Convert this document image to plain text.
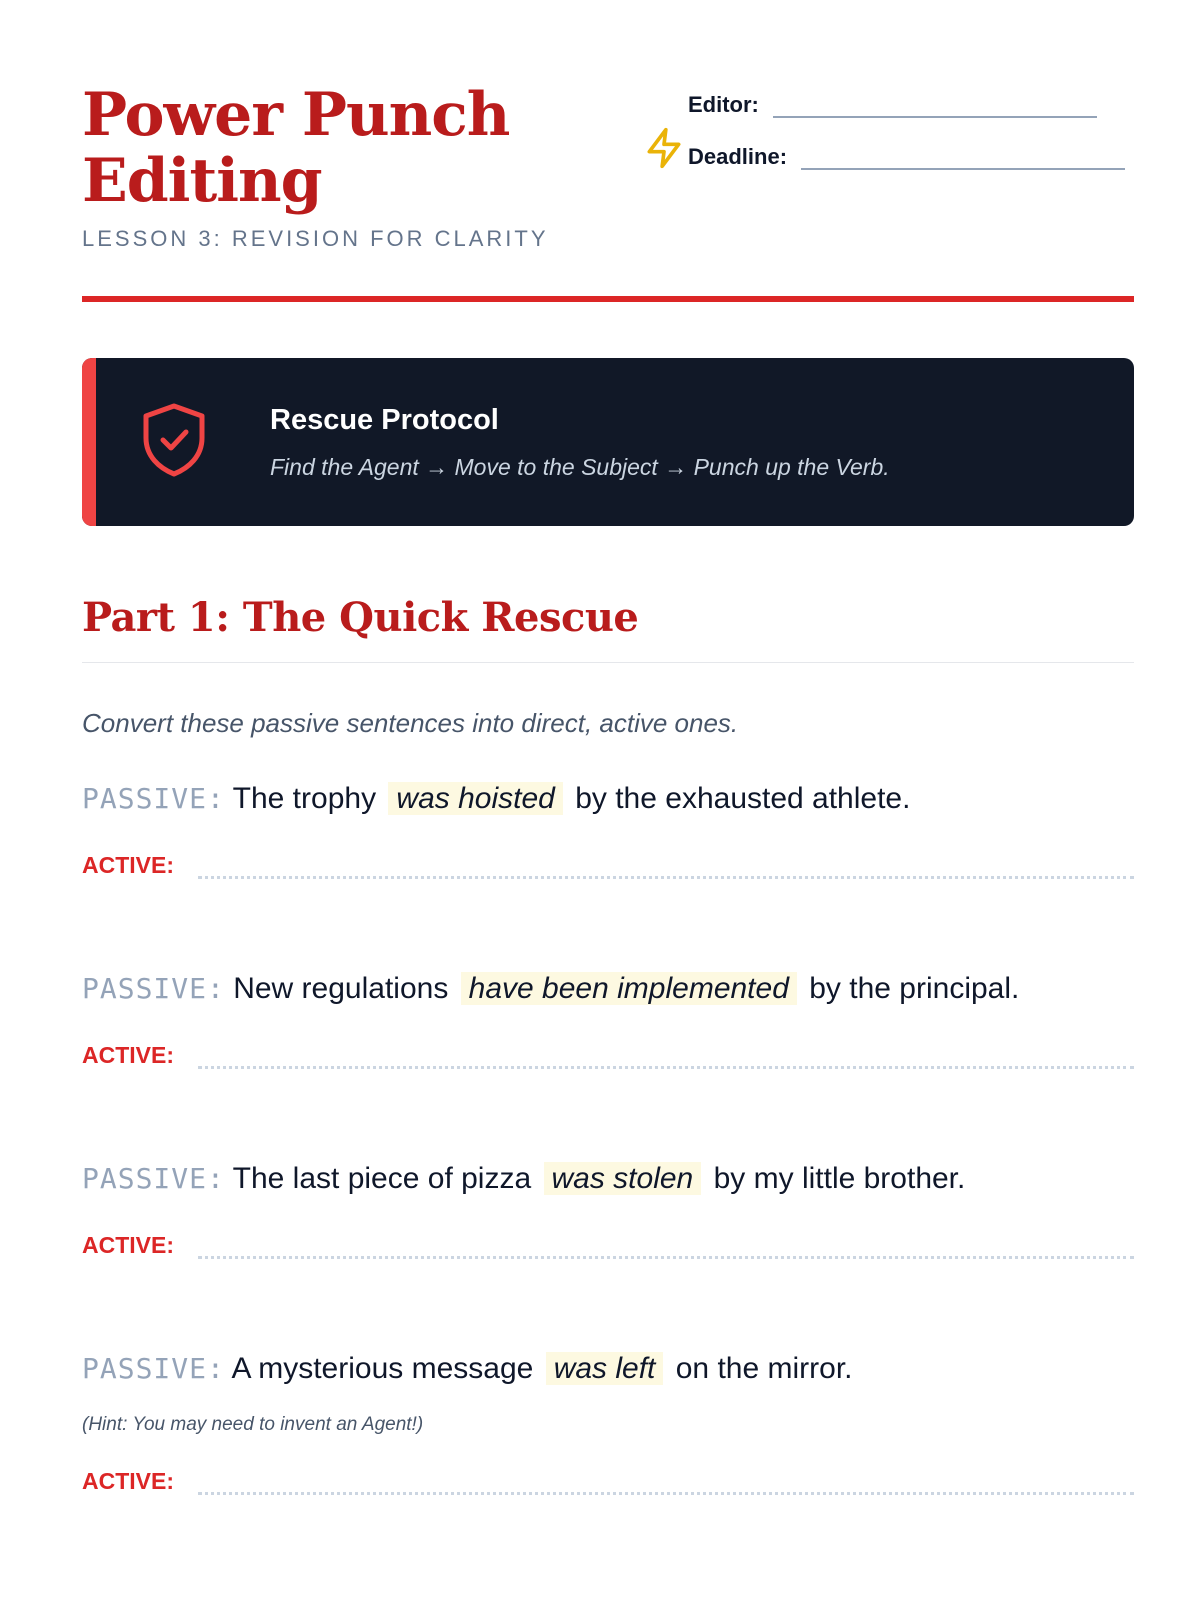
Power Punch
Editing
LESSON 3: REVISION FOR CLARITY
Editor:
Deadline:
Rescue Protocol
Find the Agent → Move to the Subject → Punch up the Verb.
Part 1: The Quick Rescue
Convert these passive sentences into direct, active ones.
PASSIVE: The trophy was hoisted by the exhausted athlete.
ACTIVE:
PASSIVE: New regulations have been implemented by the principal.
ACTIVE:
PASSIVE: The last piece of pizza was stolen by my little brother.
ACTIVE:
PASSIVE: A mysterious message was left on the mirror.
(Hint: You may need to invent an Agent!)
ACTIVE:
